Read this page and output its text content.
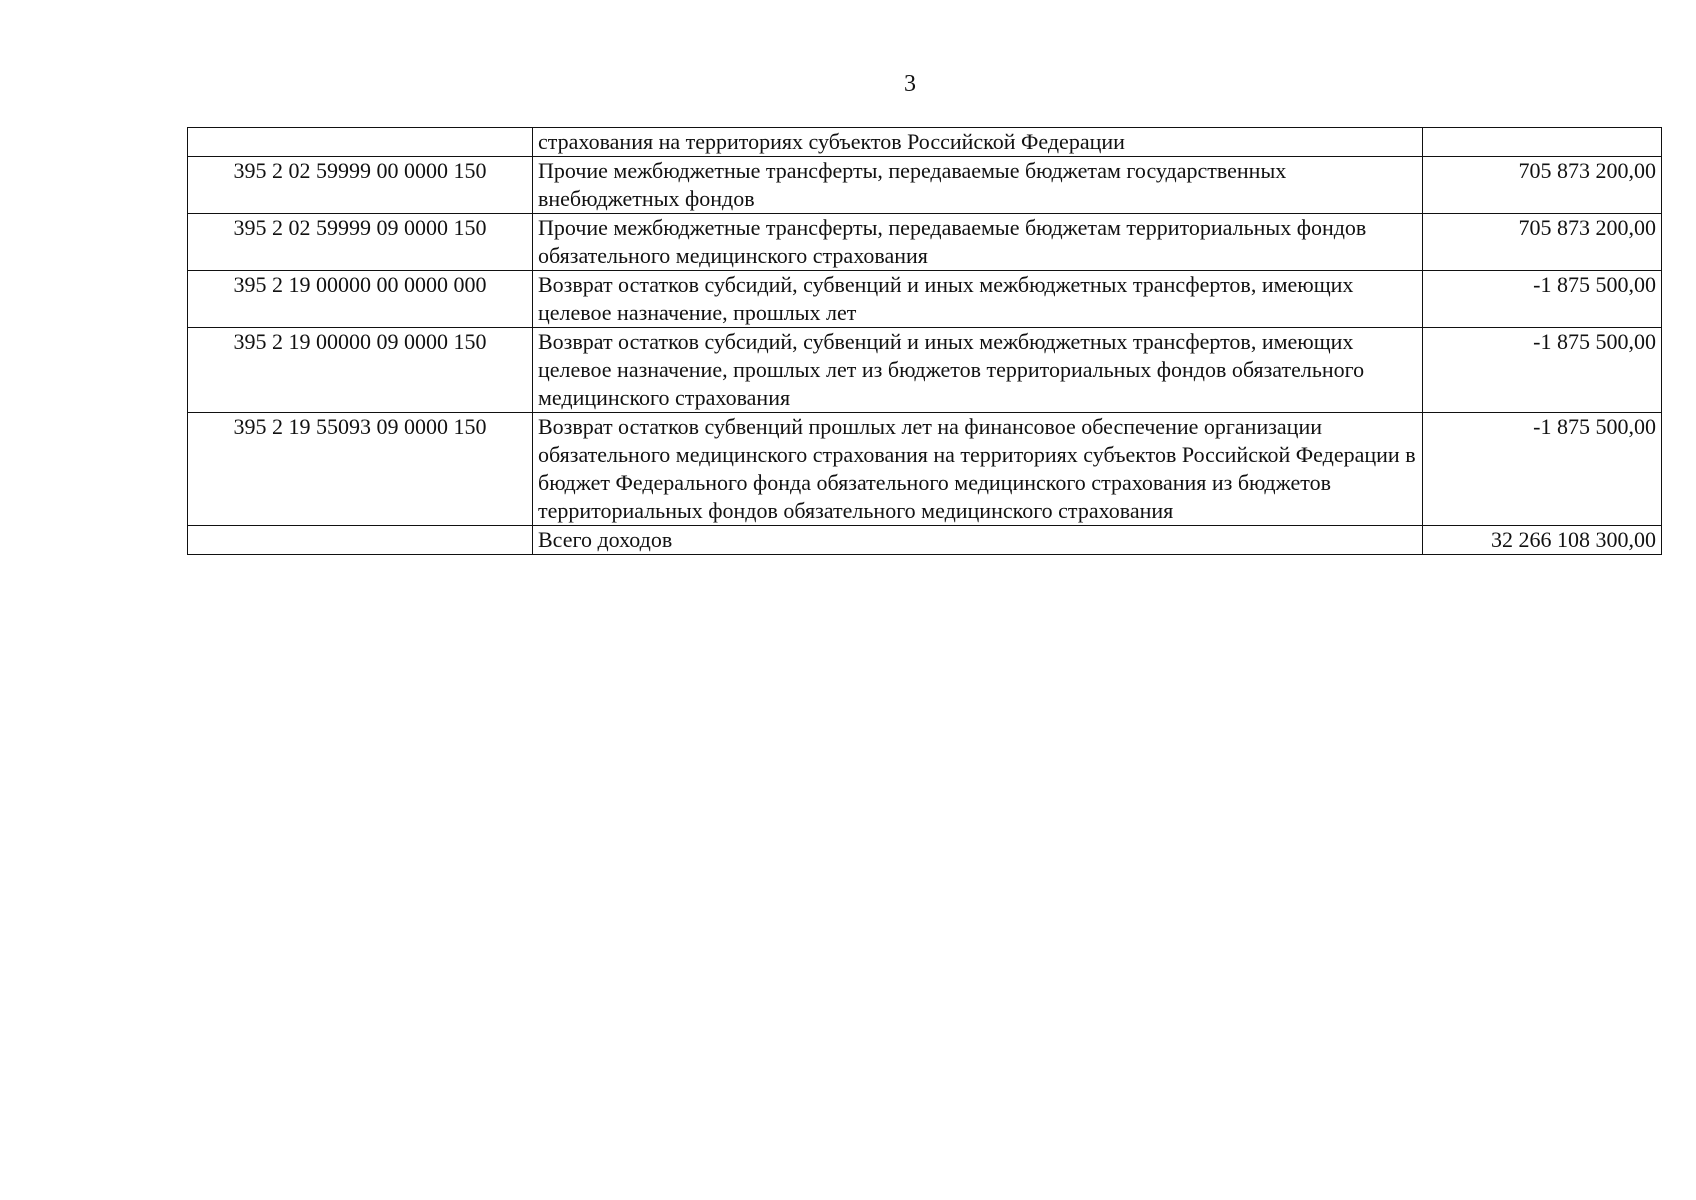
3
	страхования на территориях субъектов Российской Федерации	
395 2 02 59999 00 0000 150	Прочие межбюджетные трансферты, передаваемые бюджетам государственных внебюджетных фондов	705 873 200,00
395 2 02 59999 09 0000 150	Прочие межбюджетные трансферты, передаваемые бюджетам территориальных фондов обязательного медицинского страхования	705 873 200,00
395 2 19 00000 00 0000 000	Возврат остатков субсидий, субвенций и иных межбюджетных трансфертов, имеющих целевое назначение, прошлых лет	-1 875 500,00
395 2 19 00000 09 0000 150	Возврат остатков субсидий, субвенций и иных межбюджетных трансфертов, имеющих целевое назначение, прошлых лет из бюджетов территориальных фондов обязательного медицинского страхования	-1 875 500,00
395 2 19 55093 09 0000 150	Возврат остатков субвенций прошлых лет на финансовое обеспечение организации обязательного медицинского страхования на территориях субъектов Российской Федерации в бюджет Федерального фонда обязательного медицинского страхования из бюджетов территориальных фондов обязательного медицинского страхования	-1 875 500,00
	Всего доходов	32 266 108 300,00
